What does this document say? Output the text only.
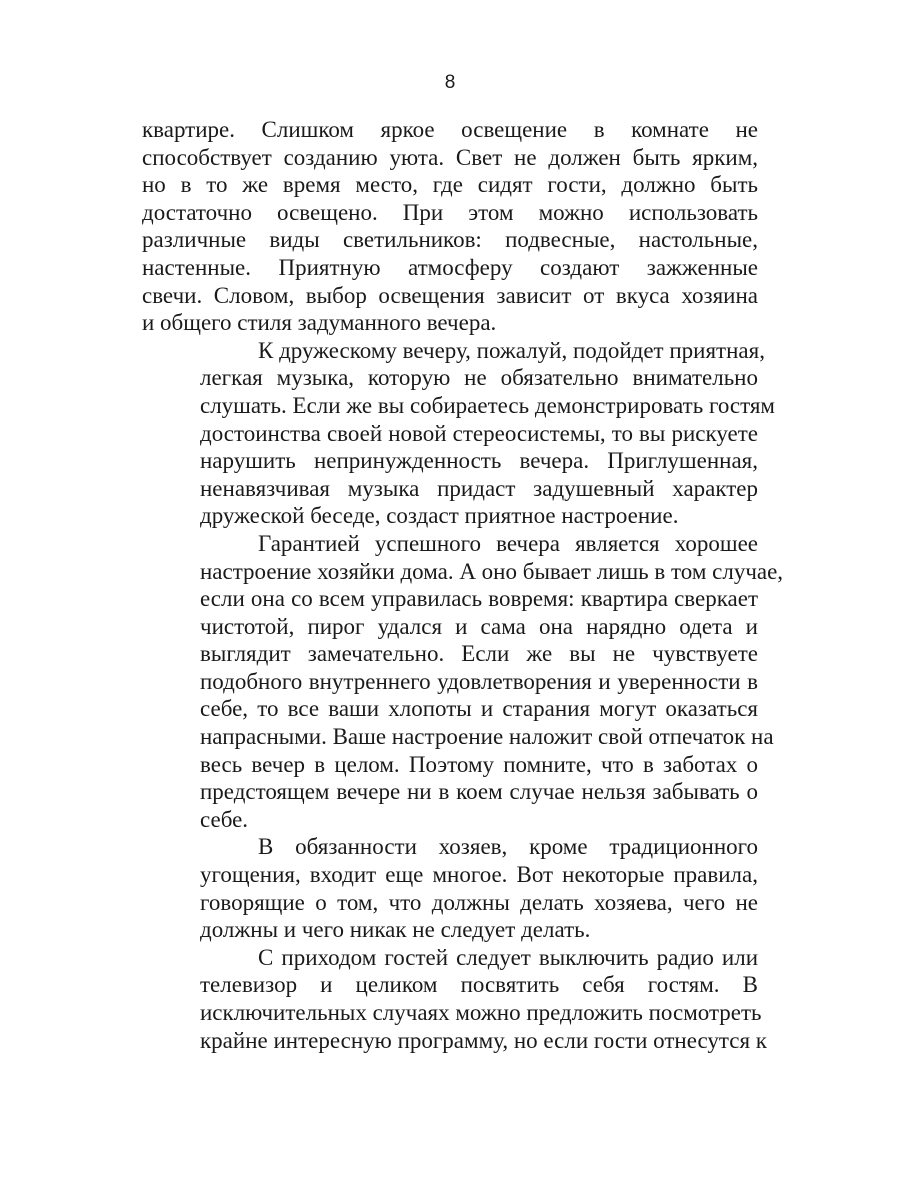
8
квартире. Слишком яркое освещение в комнате не
способствует созданию уюта. Свет не должен быть ярким,
но в то же время место, где сидят гости, должно быть
достаточно освещено. При этом можно использовать
различные виды светильников: подвесные, настольные,
настенные. Приятную атмосферу создают зажженные
свечи. Словом, выбор освещения зависит от вкуса хозяина
и общего стиля задуманного вечера.
К дружескому вечеру, пожалуй, подойдет приятная,
легкая музыка, которую не обязательно внимательно
слушать. Если же вы собираетесь демонстрировать гостям
достоинства своей новой стереосистемы, то вы рискуете
нарушить непринужденность вечера. Приглушенная,
ненавязчивая музыка придаст задушевный характер
дружеской беседе, создаст приятное настроение.
Гарантией успешного вечера является хорошее
настроение хозяйки дома. А оно бывает лишь в том случае,
если она со всем управилась вовремя: квартира сверкает
чистотой, пирог удался и сама она нарядно одета и
выглядит замечательно. Если же вы не чувствуете
подобного внутреннего удовлетворения и уверенности в
себе, то все ваши хлопоты и старания могут оказаться
напрасными. Ваше настроение наложит свой отпечаток на
весь вечер в целом. Поэтому помните, что в заботах о
предстоящем вечере ни в коем случае нельзя забывать о
себе.
В обязанности хозяев, кроме традиционного
угощения, входит еще многое. Вот некоторые правила,
говорящие о том, что должны делать хозяева, чего не
должны и чего никак не следует делать.
С приходом гостей следует выключить радио или
телевизор и целиком посвятить себя гостям. В
исключительных случаях можно предложить посмотреть
крайне интересную программу, но если гости отнесутся к
